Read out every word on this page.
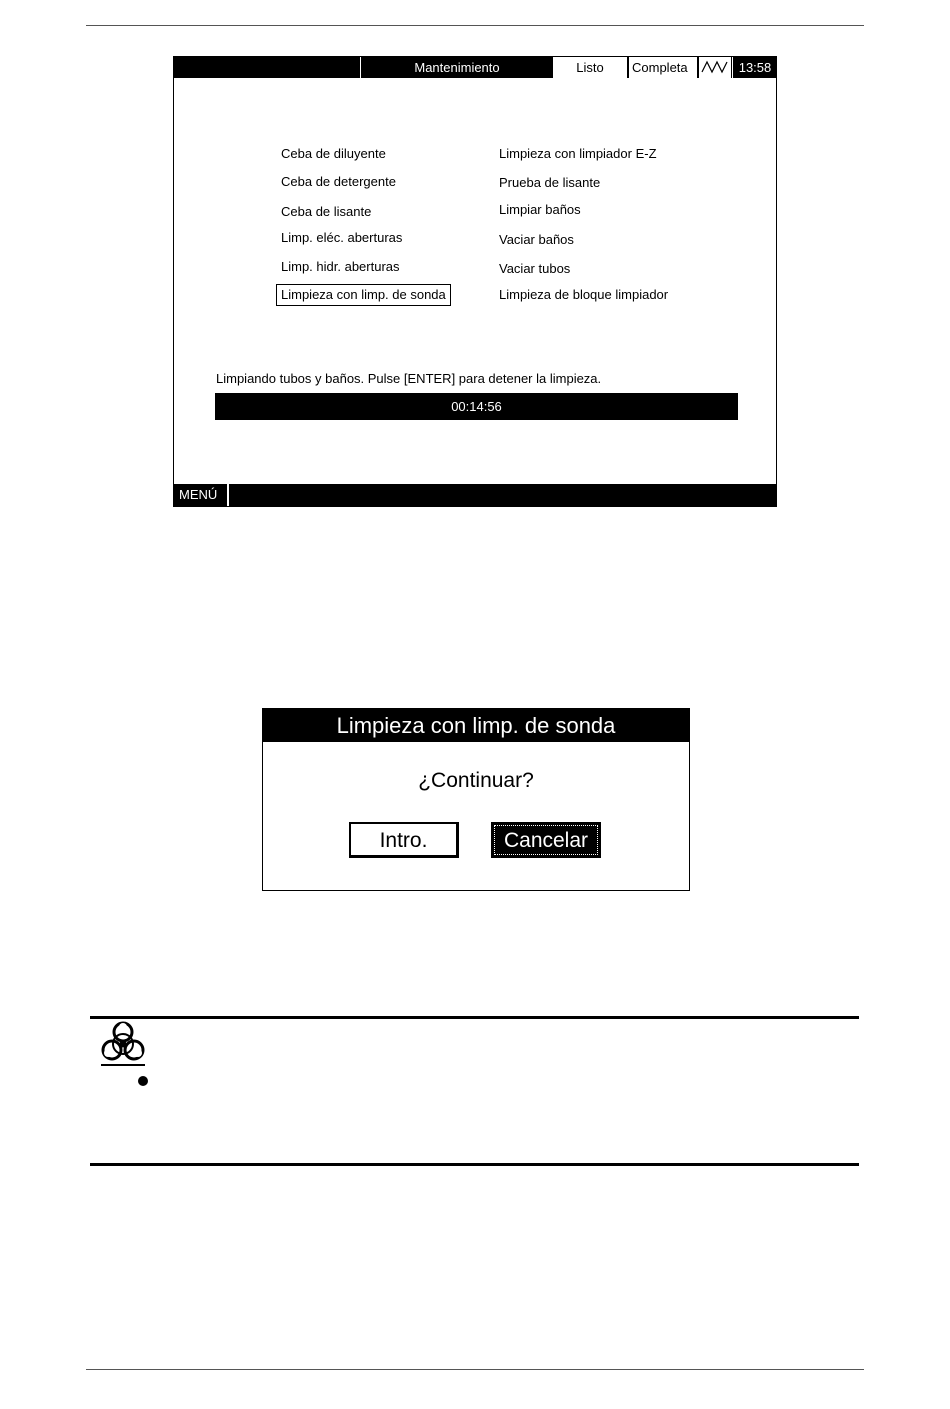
Mantenimiento	Listo	Completa	13:58
Ceba de diluyente
Ceba de detergente
Ceba de lisante
Limp. eléc. aberturas
Limp. hidr. aberturas
Limpieza con limp. de sonda
Limpieza con limpiador E-Z
Prueba de lisante
Limpiar baños
Vaciar baños
Vaciar tubos
Limpieza de bloque limpiador
Limpiando tubos y baños. Pulse [ENTER] para detener la limpieza.
00:14:56
MENÚ
Limpieza con limp. de sonda
¿Continuar?
Intro.	Cancelar
